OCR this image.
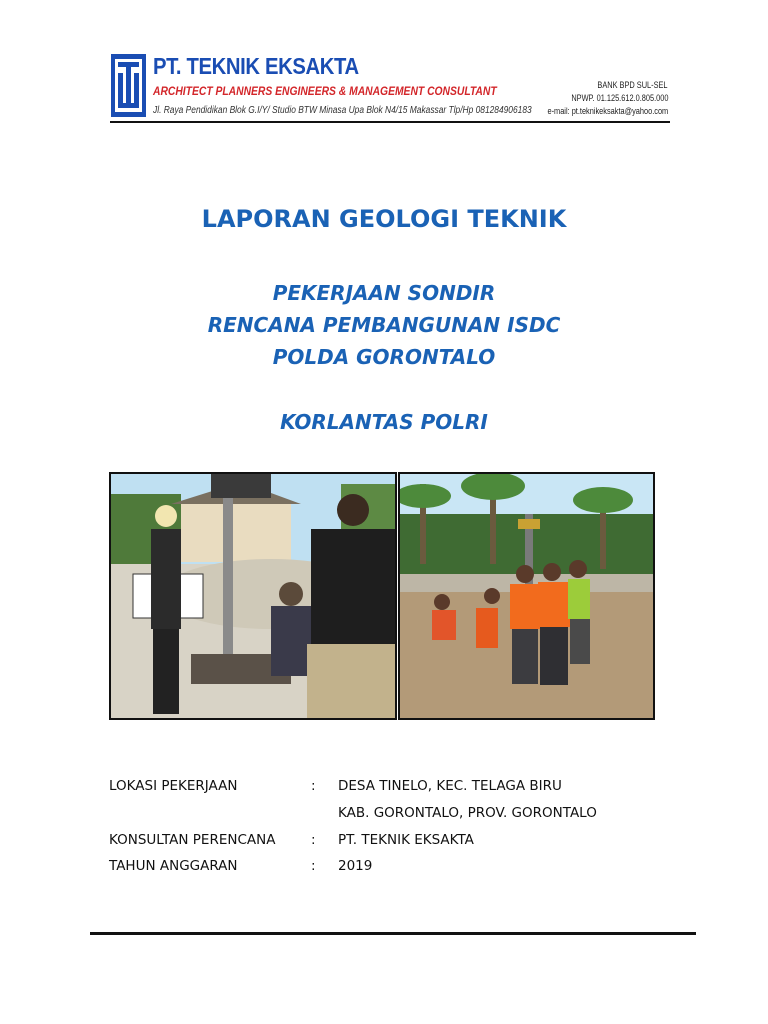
PT. TEKNIK EKSAKTA
ARCHITECT PLANNERS ENGINEERS & MANAGEMENT CONSULTANT
Jl. Raya Pendidikan Blok G.I/Y/ Studio BTW Minasa Upa Blok N4/15 Makassar Tlp/Hp 081284906183
BANK BPD SUL-SEL
NPWP. 01.125.612.0.805.000
e-mail: pt.teknikeksakta@yahoo.com
LAPORAN GEOLOGI TEKNIK
PEKERJAAN SONDIR
RENCANA PEMBANGUNAN ISDC
POLDA GORONTALO
KORLANTAS POLRI
LOKASI PEKERJAAN	: DESA TINELO, KEC. TELAGA BIRU
KAB. GORONTALO, PROV. GORONTALO
KONSULTAN PERENCANA	: PT. TEKNIK EKSAKTA
TAHUN ANGGARAN	: 2019
